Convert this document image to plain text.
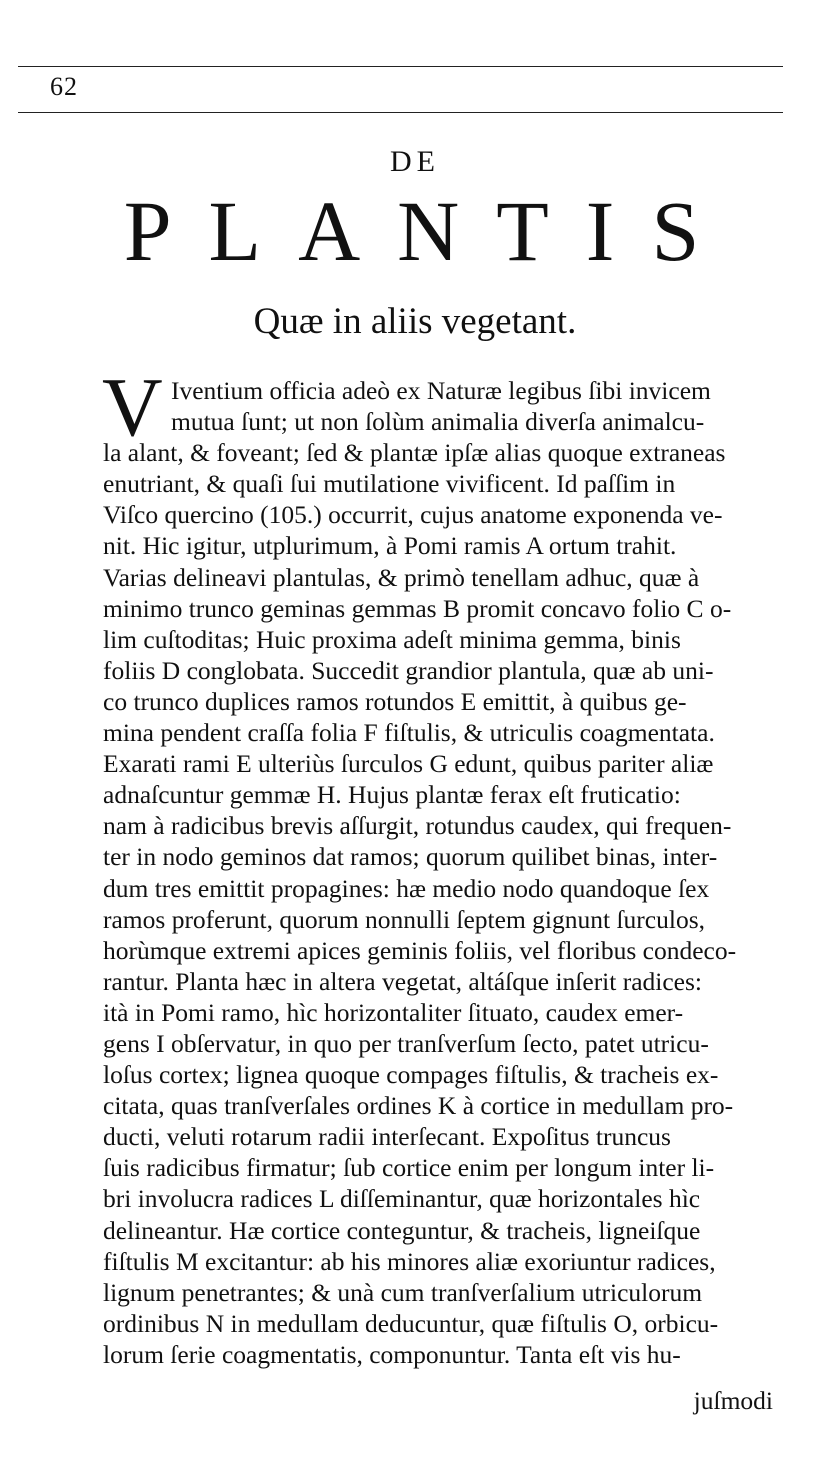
62
DE
PLANTIS
Quæ in aliis vegetant.
V Iventium officia adeò ex Naturæ legibus ſibi invicem
mutua ſunt; ut non ſolùm animalia diverſa animalcu-
la alant, & foveant; ſed & plantæ ipſæ alias quoque extraneas
enutriant, & quaſi ſui mutilatione vivificent. Id paſſim in
Viſco quercino (105.) occurrit, cujus anatome exponenda ve-
nit. Hic igitur, utplurimum, à Pomi ramis A ortum trahit.
Varias delineavi plantulas, & primò tenellam adhuc, quæ à
minimo trunco geminas gemmas B promit concavo folio C o-
lim cuſtoditas; Huic proxima adeſt minima gemma, binis
foliis D conglobata. Succedit grandior plantula, quæ ab uni-
co trunco duplices ramos rotundos E emittit, à quibus ge-
mina pendent craſſa folia F fiſtulis, & utriculis coagmentata.
Exarati rami E ulteriùs ſurculos G edunt, quibus pariter aliæ
adnaſcuntur gemmæ H. Hujus plantæ ferax eſt fruticatio:
nam à radicibus brevis aſſurgit, rotundus caudex, qui frequen-
ter in nodo geminos dat ramos; quorum quilibet binas, inter-
dum tres emittit propagines: hæ medio nodo quandoque ſex
ramos proferunt, quorum nonnulli ſeptem gignunt ſurculos,
horùmque extremi apices geminis foliis, vel floribus condeco-
rantur. Planta hæc in altera vegetat, altáſque inſerit radices:
ità in Pomi ramo, hìc horizontaliter ſituato, caudex emer-
gens I obſervatur, in quo per tranſverſum ſecto, patet utricu-
loſus cortex; lignea quoque compages fiſtulis, & tracheis ex-
citata, quas tranſverſales ordines K à cortice in medullam pro-
ducti, veluti rotarum radii interſecant. Expoſitus truncus
ſuis radicibus firmatur; ſub cortice enim per longum inter li-
bri involucra radices L diſſeminantur, quæ horizontales hìc
delineantur. Hæ cortice conteguntur, & tracheis, ligneiſque
fiſtulis M excitantur: ab his minores aliæ exoriuntur radices,
lignum penetrantes; & unà cum tranſverſalium utriculorum
ordinibus N in medullam deducuntur, quæ fiſtulis O, orbicu-
lorum ſerie coagmentatis, componuntur. Tanta eſt vis hu-
juſmodi
